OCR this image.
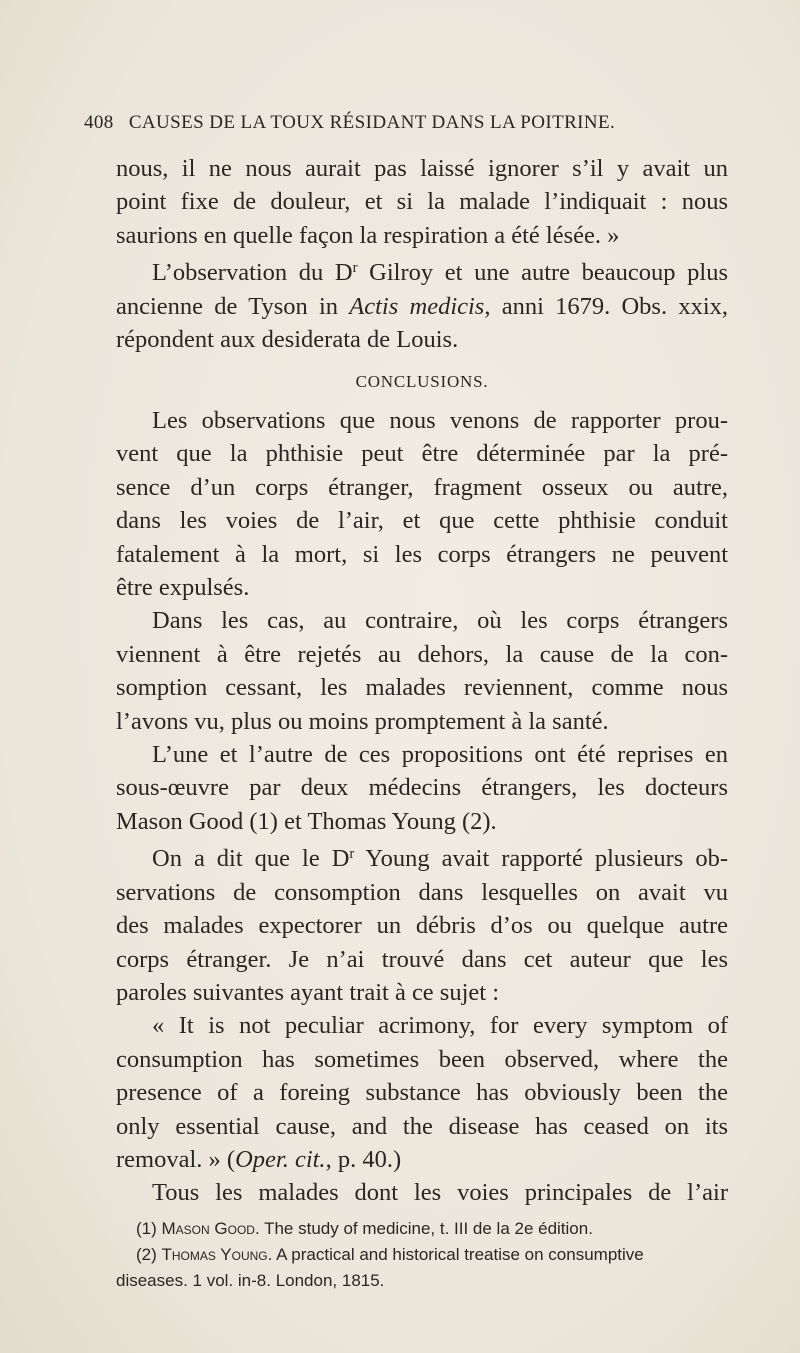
408 CAUSES DE LA TOUX RÉSIDANT DANS LA POITRINE.
nous, il ne nous aurait pas laissé ignorer s’il y avait un
point fixe de douleur, et si la malade l’indiquait : nous
saurions en quelle façon la respiration a été lésée. »
L’observation du $D^r$ Gilroy et une autre beaucoup plus
ancienne de Tyson in Actis medicis, anni 1679. Obs. xxix,
répondent aux desiderata de Louis.
CONCLUSIONS.
Les observations que nous venons de rapporter prou-
vent que la phthisie peut être déterminée par la pré-
sence d’un corps étranger, fragment osseux ou autre,
dans les voies de l’air, et que cette phthisie conduit
fatalement à la mort, si les corps étrangers ne peuvent
être expulsés.
Dans les cas, au contraire, où les corps étrangers
viennent à être rejetés au dehors, la cause de la con-
somption cessant, les malades reviennent, comme nous
l’avons vu, plus ou moins promptement à la santé.
L’une et l’autre de ces propositions ont été reprises en
sous-œuvre par deux médecins étrangers, les docteurs
Mason Good (1) et Thomas Young (2).
On a dit que le $D^r$ Young avait rapporté plusieurs ob-
servations de consomption dans lesquelles on avait vu
des malades expectorer un débris d’os ou quelque autre
corps étranger. Je n’ai trouvé dans cet auteur que les
paroles suivantes ayant trait à ce sujet :
« It is not peculiar acrimony, for every symptom of
consumption has sometimes been observed, where the
presence of a foreing substance has obviously been the
only essential cause, and the disease has ceased on its
removal. » (Oper. cit., p. 40.)
Tous les malades dont les voies principales de l’air
(1) Mason Good. The study of medicine, t. III de la 2e édition.
(2) Thomas Young. A practical and historical treatise on consumptive
diseases. 1 vol. in-8. London, 1815.
